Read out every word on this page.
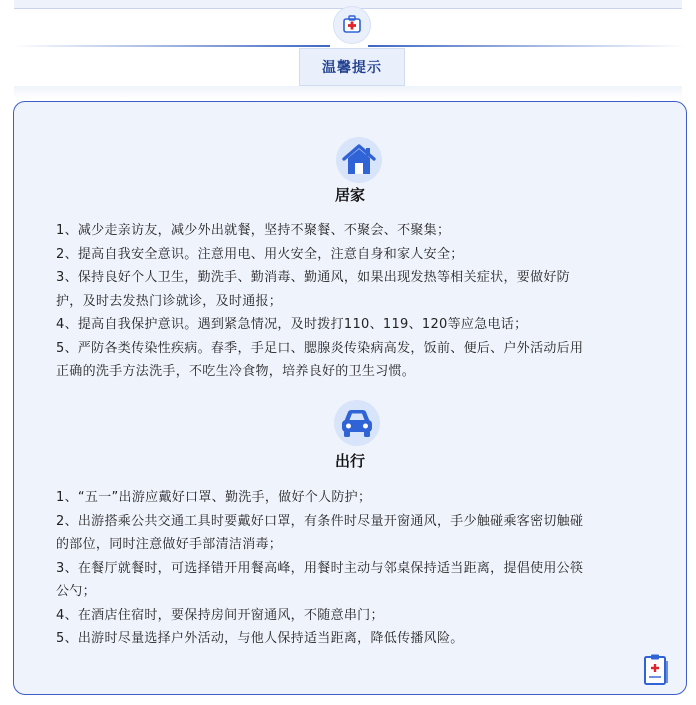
温馨提示
居家

1、减少走亲访友，减少外出就餐，坚持不聚餐、不聚会、不聚集；

2、提高自我安全意识。注意用电、用火安全，注意自身和家人安全；

3、保持良好个人卫生，勤洗手、勤消毒、勤通风，如果出现发热等相关症状，要做好防

护，及时去发热门诊就诊，及时通报；

4、提高自我保护意识。遇到紧急情况，及时拨打110、119、120等应急电话；

5、严防各类传染性疾病。春季，手足口、腮腺炎传染病高发，饭前、便后、户外活动后用

正确的洗手方法洗手，不吃生冷食物，培养良好的卫生习惯。

出行

1、“五一”出游应戴好口罩、勤洗手，做好个人防护；

2、出游搭乘公共交通工具时要戴好口罩，有条件时尽量开窗通风，手少触碰乘客密切触碰

的部位，同时注意做好手部清洁消毒；

3、在餐厅就餐时，可选择错开用餐高峰，用餐时主动与邻桌保持适当距离，提倡使用公筷

公勺；

4、在酒店住宿时，要保持房间开窗通风，不随意串门；

5、出游时尽量选择户外活动，与他人保持适当距离，降低传播风险。
